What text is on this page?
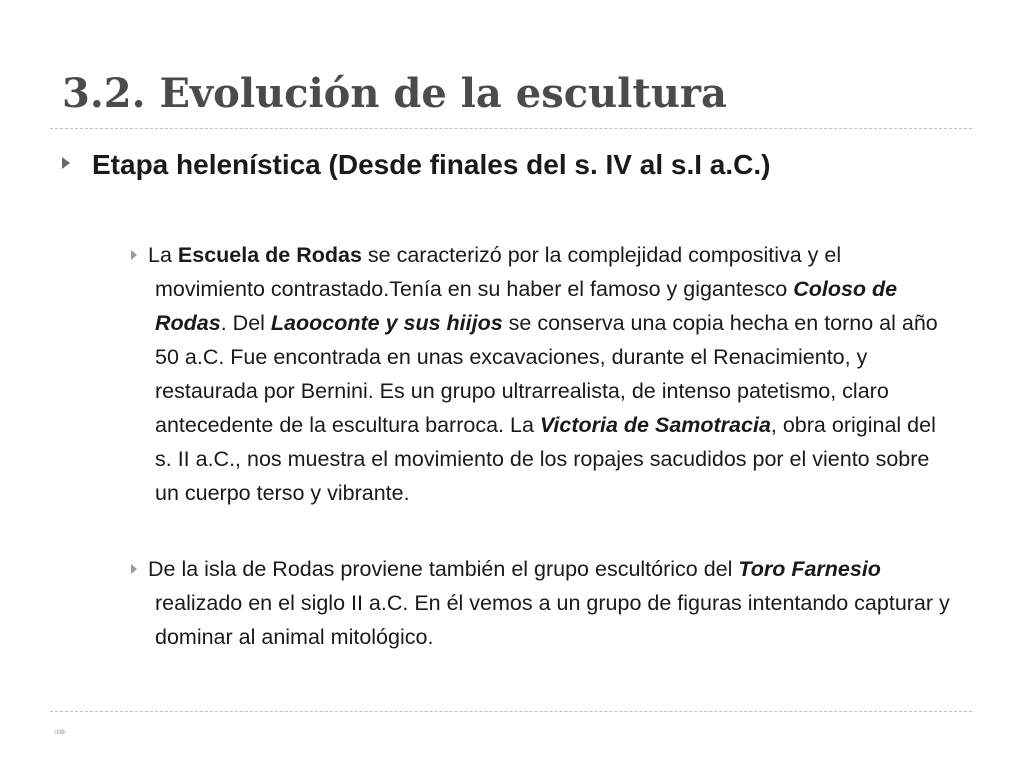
3.2. Evolución de la escultura

Etapa helenística (Desde finales del s. IV al s.I a.C.)

La Escuela de Rodas se caracterizó por la complejidad compositiva y el movimiento contrastado.Tenía en su haber el famoso y gigantesco Coloso de Rodas. Del Laooconte y sus hiijos se conserva una copia hecha en torno al año 50 a.C. Fue encontrada en unas excavaciones, durante el Renacimiento, y restaurada por Bernini. Es un grupo ultrarrealista, de intenso patetismo, claro antecedente de la escultura barroca. La Victoria de Samotracia, obra original del s. II a.C., nos muestra el movimiento de los ropajes sacudidos por el viento sobre un cuerpo terso y vibrante.

De la isla de Rodas proviene también el grupo escultórico del Toro Farnesio realizado en el siglo II a.C. En él vemos a un grupo de figuras intentando capturar y dominar al animal mitológico.

➠
